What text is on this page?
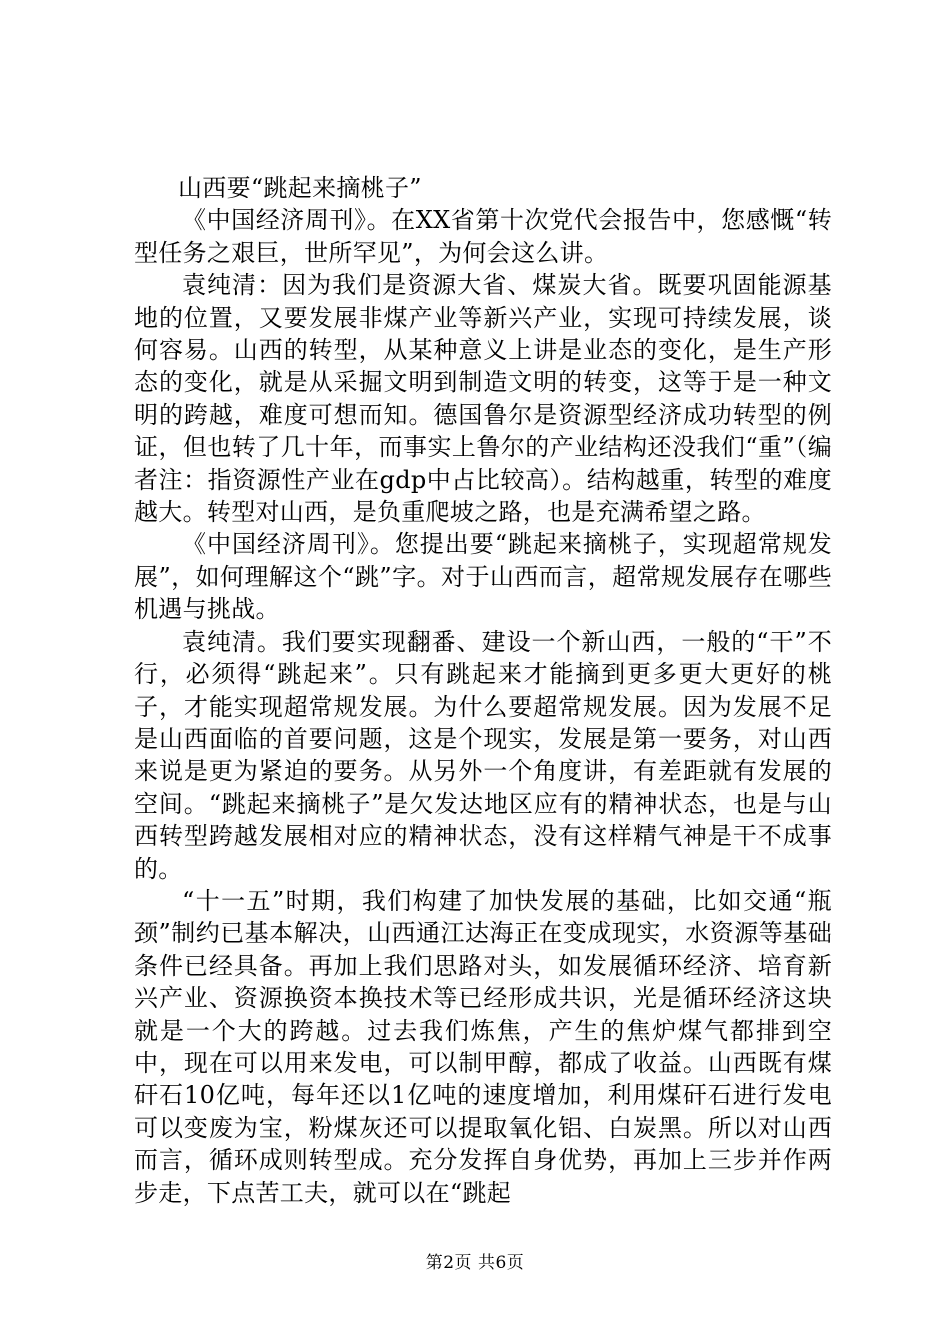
山西要“跳起来摘桃子”

《中国经济周刊》。在XX省第十次党代会报告中，您感慨“转型任务之艰巨，世所罕见”，为何会这么讲。

袁纯清：因为我们是资源大省、煤炭大省。既要巩固能源基地的位置，又要发展非煤产业等新兴产业，实现可持续发展，谈何容易。山西的转型，从某种意义上讲是业态的变化，是生产形态的变化，就是从采掘文明到制造文明的转变，这等于是一种文明的跨越，难度可想而知。德国鲁尔是资源型经济成功转型的例证，但也转了几十年，而事实上鲁尔的产业结构还没我们“重”（编者注：指资源性产业在gdp中占比较高）。结构越重，转型的难度越大。转型对山西，是负重爬坡之路，也是充满希望之路。

《中国经济周刊》。您提出要“跳起来摘桃子，实现超常规发展”，如何理解这个“跳”字。对于山西而言，超常规发展存在哪些机遇与挑战。

袁纯清。我们要实现翻番、建设一个新山西，一般的“干”不行，必须得“跳起来”。只有跳起来才能摘到更多更大更好的桃子，才能实现超常规发展。为什么要超常规发展。因为发展不足是山西面临的首要问题，这是个现实，发展是第一要务，对山西来说是更为紧迫的要务。从另外一个角度讲，有差距就有发展的空间。“跳起来摘桃子”是欠发达地区应有的精神状态，也是与山西转型跨越发展相对应的精神状态，没有这样精气神是干不成事的。

“十一五”时期，我们构建了加快发展的基础，比如交通“瓶颈”制约已基本解决，山西通江达海正在变成现实，水资源等基础条件已经具备。再加上我们思路对头，如发展循环经济、培育新兴产业、资源换资本换技术等已经形成共识，光是循环经济这块就是一个大的跨越。过去我们炼焦，产生的焦炉煤气都排到空中，现在可以用来发电，可以制甲醇，都成了收益。山西既有煤矸石10亿吨，每年还以1亿吨的速度增加，利用煤矸石进行发电可以变废为宝，粉煤灰还可以提取氧化铝、白炭黑。所以对山西而言，循环成则转型成。充分发挥自身优势，再加上三步并作两步走，下点苦工夫，就可以在“跳起

第2页 共6页
